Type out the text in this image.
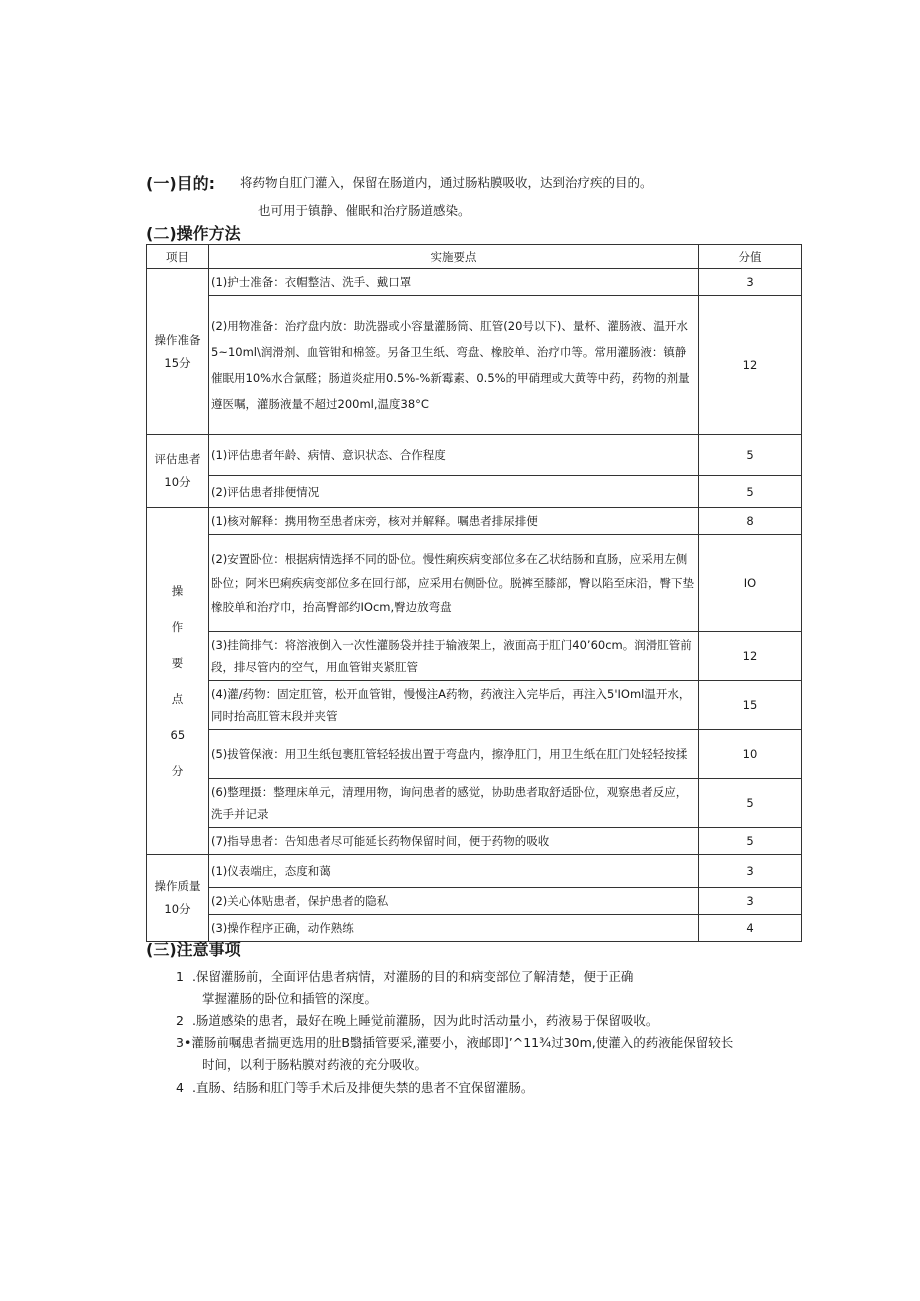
(一)目的: 将药物自肛门灌入，保留在肠道内，通过肠粘膜吸收，达到治疗疾的目的。
也可用于镇静、催眠和治疗肠道感染。
(二)操作方法
项目	实施要点	分值

操作准备15分	(1)护士准备：衣帽整洁、洗手、戴口罩	3
	(2)用物准备：治疗盘内放：助洗器或小容量灌肠筒、肛管(20号以下)、量杯、灌肠液、温开水5~10ml\润滑剂、血管钳和棉签。另备卫生纸、弯盘、橡胶单、治疗巾等。常用灌肠液：镇静催眠用10%水合氯醛；肠道炎症用0.5%-%新霉素、0.5%的甲硝理或大黄等中药，药物的剂量遵医嘱，灌肠液量不超过200ml,温度38°C	12

评估患者10分	(1)评估患者年龄、病情、意识状态、合作程度	5
	(2)评估患者排便情况	5

操作要点65分	(1)核对解释：携用物至患者床旁，核对并解释。嘱患者排尿排便	8
	(2)安置卧位：根据病情选择不同的卧位。慢性痢疾病变部位多在乙状结肠和直肠，应采用左侧卧位；阿米巴痢疾病变部位多在回行部，应采用右侧卧位。脱裤至膝部，臀以陷至床沿，臀下垫橡胶单和治疗巾，抬高臀部约IOcm,臀边放弯盘	IO
	(3)挂筒排气：将溶液倒入一次性灌肠袋并挂于输液架上，液面高于肛门40’60cm。润滑肛管前段，排尽管内的空气，用血管钳夹紧肛管	12
	(4)灌/药物：固定肛管，松开血管钳，慢慢注A药物，药液注入完毕后，再注入5'IOml温开水，同时抬高肛管末段并夹管	15
	(5)拔管保液：用卫生纸包裹肛管轻轻拔出置于弯盘内，擦净肛门，用卫生纸在肛门处轻轻按揉	10
	(6)整理摄：整理床单元，清理用物，询问患者的感觉，协助患者取舒适卧位，观察患者反应，洗手并记录	5
	(7)指导患者：告知患者尽可能延长药物保留时间，便于药物的吸收	5

操作质量10分	(1)仪表端庄，态度和蔼	3
	(2)关心体贴患者，保护患者的隐私	3
	(3)操作程序正确，动作熟练	4
(三)注意事项
1 .保留灌肠前，全面评估患者病情，对灌肠的目的和病变部位了解清楚，便于正确
掌握灌肠的卧位和插管的深度。
2 .肠道感染的患者，最好在晚上睡觉前灌肠，因为此时活动量小，药液易于保留吸收。
3•灌肠前嘱患者揣更选用的肚B翳插管要采,灌要小，液邮即]’^11¾过30m,使灌入的药液能保留较长
时间，以利于肠粘膜对药液的充分吸收。
4 .直肠、结肠和肛门等手术后及排便失禁的患者不宜保留灌肠。
